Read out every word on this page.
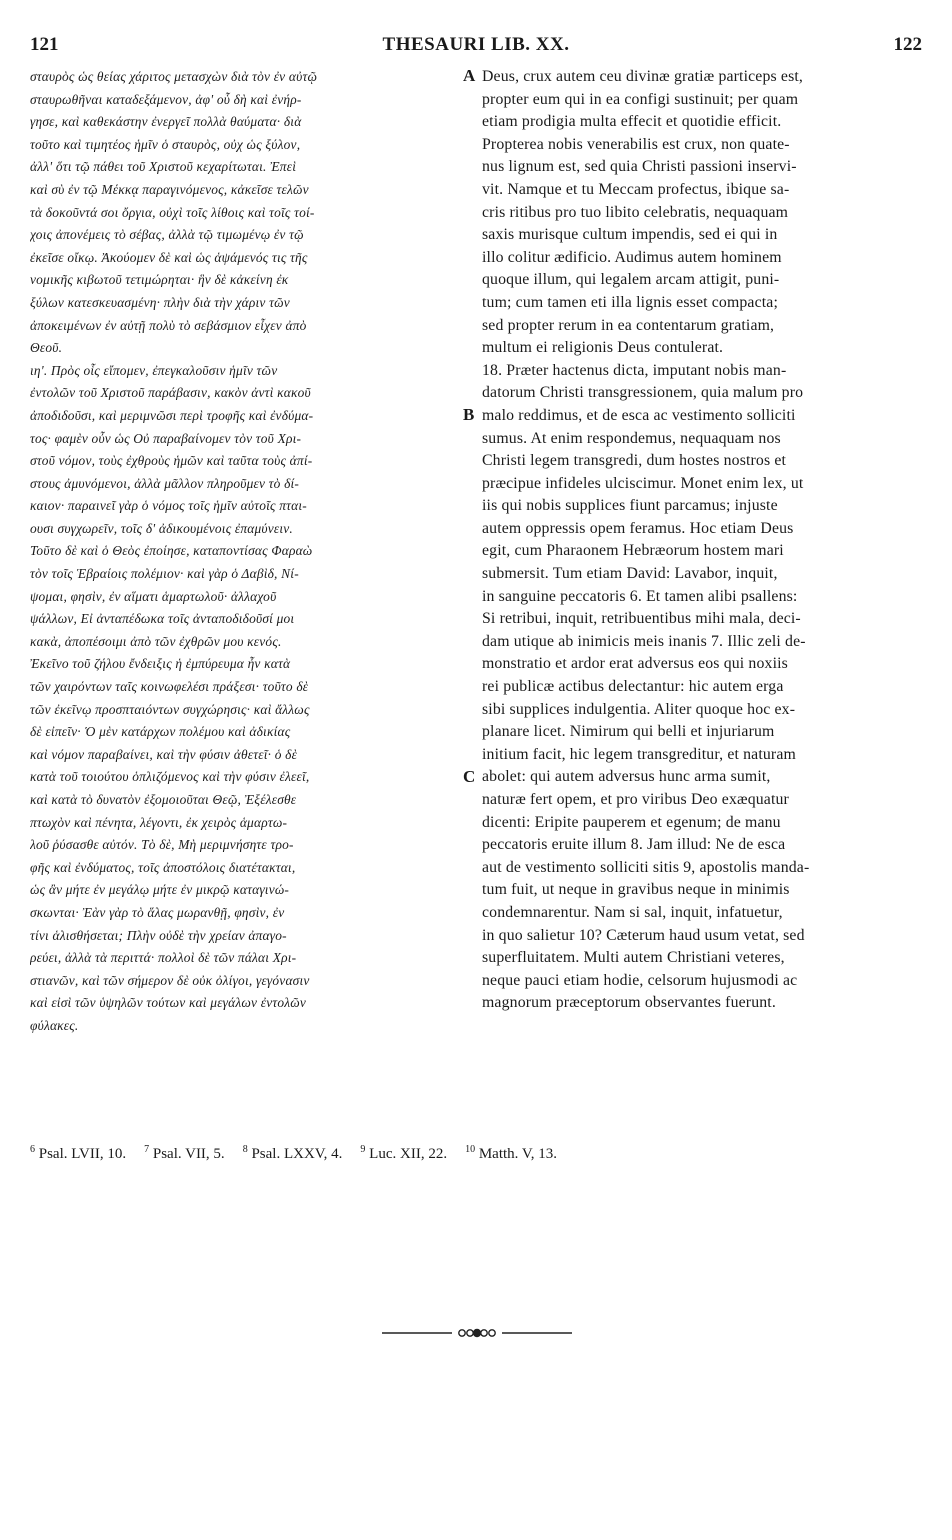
121	THESAURI LIB. XX.	122
σταυρὸς ὡς θείας χάριτος μετασχὼν διὰ τὸν ἐν αὐτῷ
σταυρωθῆναι καταδεξάμενον, ἀφ' οὗ δὴ καὶ ἐνήρ-
γησε, καὶ καθεκάστην ἐνεργεῖ πολλὰ θαύματα· διὰ
τοῦτο καὶ τιμητέος ἡμῖν ὁ σταυρὸς, οὐχ ὡς ξύλον,
ἀλλ' ὅτι τῷ πάθει τοῦ Χριστοῦ κεχαρίτωται. Ἐπεὶ
καὶ σὺ ἐν τῷ Μέκκᾳ παραγινόμενος, κἀκεῖσε τελῶν
τὰ δοκοῦντά σοι ὄργια, οὐχὶ τοῖς λίθοις καὶ τοῖς τοί-
χοις ἀπονέμεις τὸ σέβας, ἀλλὰ τῷ τιμωμένῳ ἐν τῷ
ἐκεῖσε οἴκῳ. Ἀκούομεν δὲ καὶ ὡς ἁψάμενός τις τῆς
νομικῆς κιβωτοῦ τετιμώρηται· ἣν δὲ κἀκείνη ἐκ
ξύλων κατεσκευασμένη· πλὴν διὰ τὴν χάριν τῶν
ἀποκειμένων ἐν αὐτῇ πολὺ τὸ σεβάσμιον εἶχεν ἀπὸ
Θεοῦ.
ιη'. Πρὸς οἷς εἴπομεν, ἐπεγκαλοῦσιν ἡμῖν τῶν
ἐντολῶν τοῦ Χριστοῦ παράβασιν, κακὸν ἀντὶ κακοῦ
ἀποδιδοῦσι, καὶ μεριμνῶσι περὶ τροφῆς καὶ ἐνδύμα-
τος· φαμὲν οὖν ὡς Οὐ παραβαίνομεν τὸν τοῦ Χρι-
στοῦ νόμον, τοὺς ἐχθροὺς ἡμῶν καὶ ταῦτα τοὺς ἀπί-
στους ἀμυνόμενοι, ἀλλὰ μᾶλλον πληροῦμεν τὸ δί-
καιον· παραινεῖ γὰρ ὁ νόμος τοῖς ἡμῖν αὐτοῖς πται-
ουσι συγχωρεῖν, τοῖς δ' ἀδικουμένοις ἐπαμύνειν.
Τοῦτο δὲ καὶ ὁ Θεὸς ἐποίησε, καταποντίσας Φαραὼ
τὸν τοῖς Ἑβραίοις πολέμιον· καὶ γὰρ ὁ Δαβὶδ, Νί-
ψομαι, φησὶν, ἐν αἵματι ἁμαρτωλοῦ· ἀλλαχοῦ
ψάλλων, Εἰ ἀνταπέδωκα τοῖς ἀνταποδιδοῦσί μοι
κακὰ, ἀποπέσοιμι ἀπὸ τῶν ἐχθρῶν μου κενός.
Ἐκεῖνο τοῦ ζήλου ἔνδειξις ἡ ἐμπύρευμα ἦν κατὰ
τῶν χαιρόντων ταῖς κοινωφελέσι πράξεσι· τοῦτο δὲ
τῶν ἐκεῖνῳ προσπταιόντων συγχώρησις· καὶ ἄλλως
δὲ εἰπεῖν· Ὁ μὲν κατάρχων πολέμου καὶ ἀδικίας
καὶ νόμον παραβαίνει, καὶ τὴν φύσιν ἀθετεῖ· ὁ δὲ
κατὰ τοῦ τοιούτου ὁπλιζόμενος καὶ τὴν φύσιν ἐλεεῖ,
καὶ κατὰ τὸ δυνατὸν ἐξομοιοῦται Θεῷ, Ἐξέλεσθε
πτωχὸν καὶ πένητα, λέγοντι, ἐκ χειρὸς ἁμαρτω-
λοῦ ῥύσασθε αὐτόν. Τὸ δὲ, Μὴ μεριμνήσητε τρο-
φῆς καὶ ἐνδύματος, τοῖς ἀποστόλοις διατέτακται,
ὡς ἂν μήτε ἐν μεγάλῳ μήτε ἐν μικρῷ καταγινώ-
σκωνται· Ἐὰν γὰρ τὸ ἅλας μωρανθῇ, φησὶν, ἐν
τίνι ἁλισθήσεται; Πλὴν οὐδὲ τὴν χρείαν ἀπαγο-
ρεύει, ἀλλὰ τὰ περιττά· πολλοὶ δὲ τῶν πάλαι Χρι-
στιανῶν, καὶ τῶν σήμερον δὲ οὐκ ὀλίγοι, γεγόνασιν
καὶ εἰσὶ τῶν ὑψηλῶν τούτων καὶ μεγάλων ἐντολῶν
φύλακες.
Deus, crux autem ceu divinæ gratiæ particeps est,
propter eum qui in ea configi sustinuit; per quam
etiam prodigia multa effecit et quotidie efficit.
Propterea nobis venerabilis est crux, non quate-
nus lignum est, sed quia Christi passioni inservi-
vit. Namque et tu Meccam profectus, ibique sa-
cris ritibus pro tuo libito celebratis, nequaquam
saxis murisque cultum impendis, sed ei qui in
illo colitur ædificio. Audimus autem hominem
quoque illum, qui legalem arcam attigit, puni-
tum; cum tamen eti illa lignis esset compacta;
sed propter rerum in ea contentarum gratiam,
multum ei religionis Deus contulerat.
18. Præter hactenus dicta, imputant nobis man-
datorum Christi transgressionem, quia malum pro
malo reddimus, et de esca ac vestimento solliciti
sumus. At enim respondemus, nequaquam nos
Christi legem transgredi, dum hostes nostros et
præcipue infideles ulciscimur. Monet enim lex, ut
iis qui nobis supplices fiunt parcamus; injuste
autem oppressis opem feramus. Hoc etiam Deus
egit, cum Pharaonem Hebræorum hostem mari
submersit. Tum etiam David: Lavabor, inquit,
in sanguine peccatoris 6. Et tamen alibi psallens:
Si retribui, inquit, retribuentibus mihi mala, deci-
dam utique ab inimicis meis inanis 7. Illic zeli de-
monstratio et ardor erat adversus eos qui noxiis
rei publicæ actibus delectantur: hic autem erga
sibi supplices indulgentia. Aliter quoque hoc ex-
planare licet. Nimirum qui belli et injuriarum
initium facit, hic legem transgreditur, et naturam
abolet: qui autem adversus hunc arma sumit,
naturæ fert opem, et pro viribus Deo exæquatur
dicenti: Eripite pauperem et egenum; de manu
peccatoris eruite illum 8. Jam illud: Ne de esca
aut de vestimento solliciti sitis 9, apostolis manda-
tum fuit, ut neque in gravibus neque in minimis
condemnarentur. Nam si sal, inquit, infatuetur,
in quo salietur 10? Cæterum haud usum vetat, sed
superfluitatem. Multi autem Christiani veteres,
neque pauci etiam hodie, celsorum hujusmodi ac
magnorum præceptorum observantes fuerunt.
A
B
C
$^6$ Psal. LVII, 10. $^7$ Psal. VII, 5. $^8$ Psal. LXXV, 4. $^9$ Luc. XII, 22. $^{10}$ Matth. V, 13.
